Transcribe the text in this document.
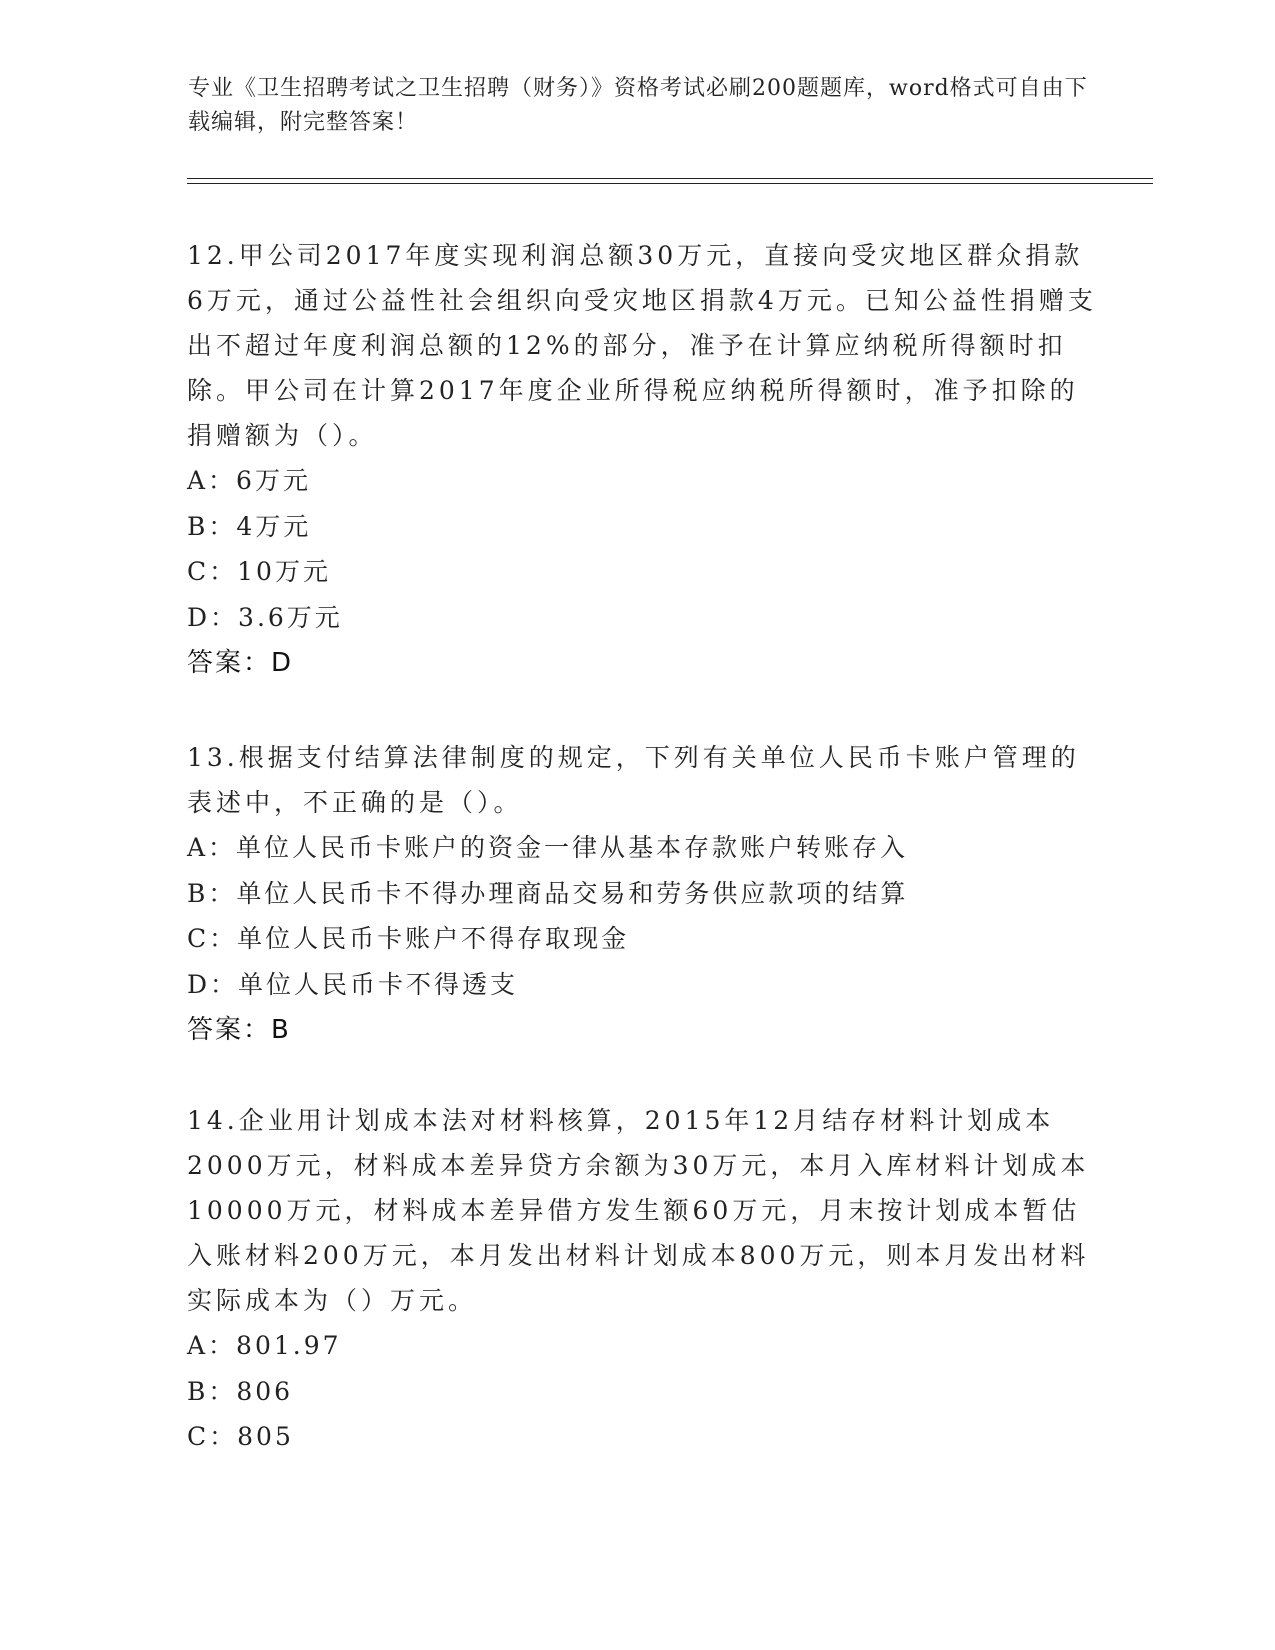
专业《卫生招聘考试之卫生招聘（财务）》资格考试必刷200题题库，word格式可自由下载编辑，附完整答案！

12.甲公司2017年度实现利润总额30万元，直接向受灾地区群众捐款6万元，通过公益性社会组织向受灾地区捐款4万元。已知公益性捐赠支出不超过年度利润总额的12%的部分，准予在计算应纳税所得额时扣除。甲公司在计算2017年度企业所得税应纳税所得额时，准予扣除的捐赠额为（）。

A：6万元

B：4万元

C：10万元

D：3.6万元

答案：D

13.根据支付结算法律制度的规定，下列有关单位人民币卡账户管理的表述中，不正确的是（）。

A：单位人民币卡账户的资金一律从基本存款账户转账存入

B：单位人民币卡不得办理商品交易和劳务供应款项的结算

C：单位人民币卡账户不得存取现金

D：单位人民币卡不得透支

答案：B

14.企业用计划成本法对材料核算，2015年12月结存材料计划成本2000万元，材料成本差异贷方余额为30万元，本月入库材料计划成本10000万元，材料成本差异借方发生额60万元，月末按计划成本暂估入账材料200万元，本月发出材料计划成本800万元，则本月发出材料实际成本为（）万元。

A：801.97

B：806

C：805
